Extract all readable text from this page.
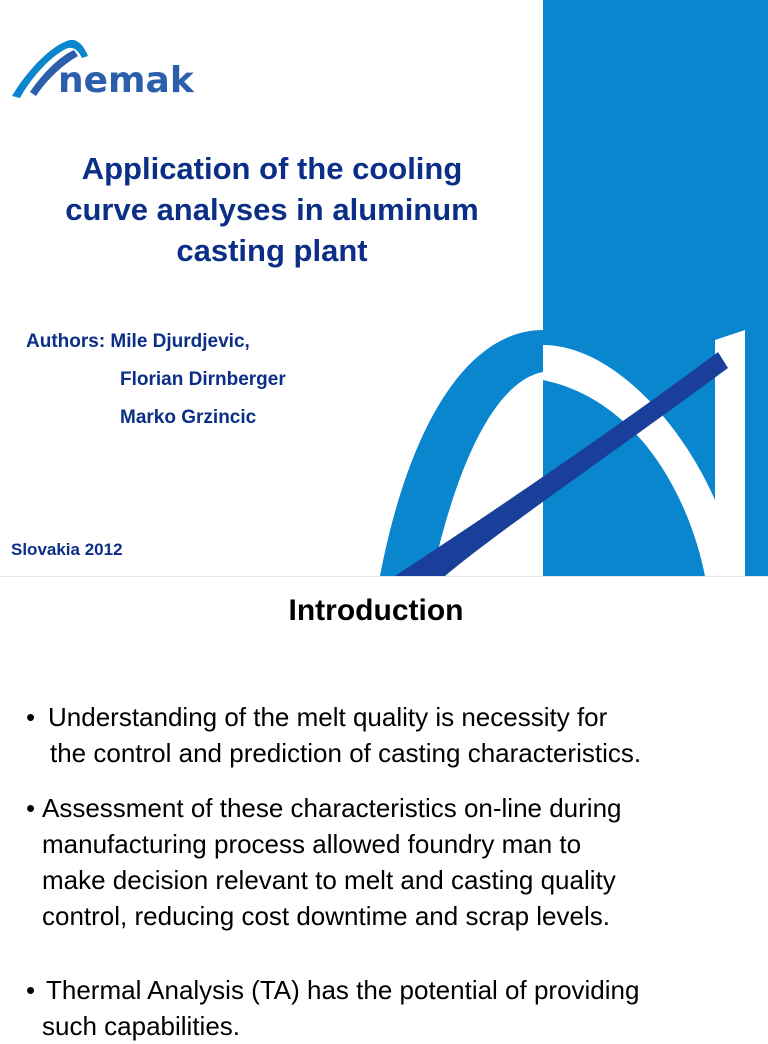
nemak
Application of the cooling
curve analyses in aluminum
casting plant
Authors: Mile Djurdjevic,
Florian Dirnberger
Marko Grzincic
Slovakia 2012
Introduction
• Understanding of the melt quality is necessity for
the control and prediction of casting characteristics.
• Assessment of these characteristics on-line during
manufacturing process allowed foundry man to
make decision relevant to melt and casting quality
control, reducing cost downtime and scrap levels.
• Thermal Analysis (TA) has the potential of providing
such capabilities.
